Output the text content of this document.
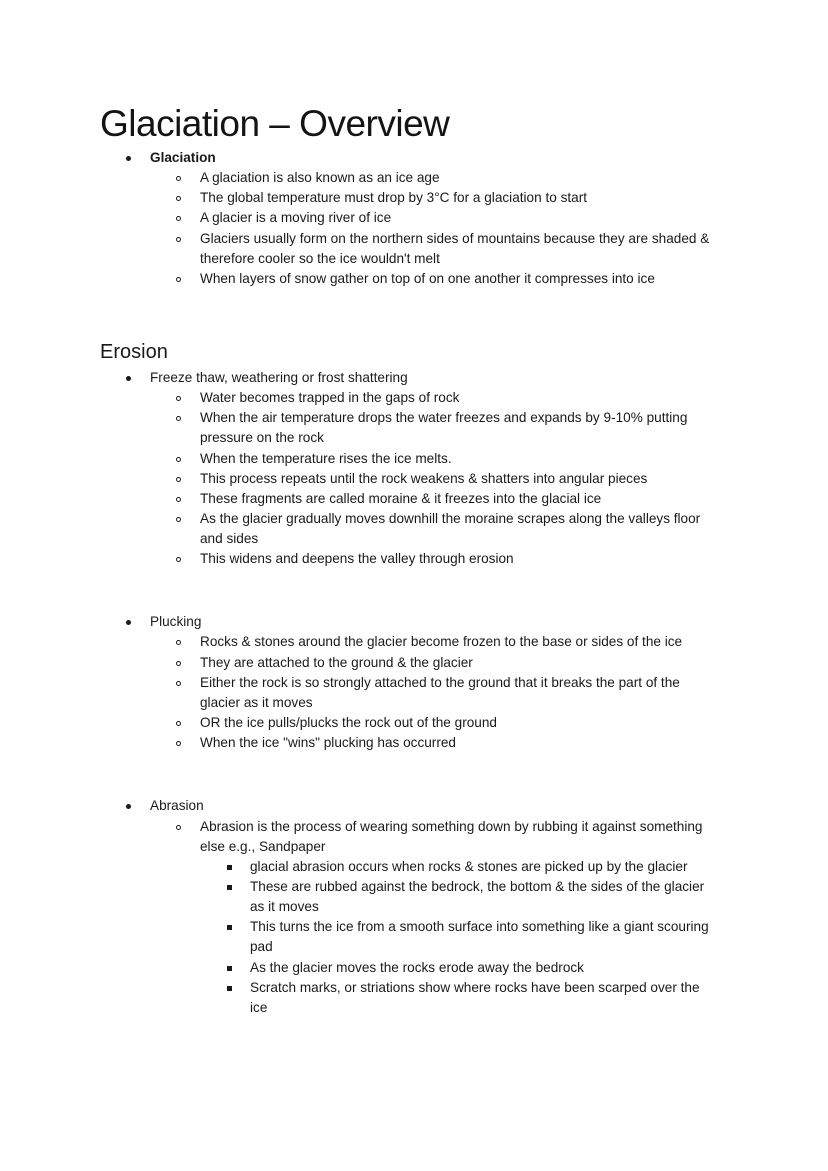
Glaciation – Overview
Glaciation
A glaciation is also known as an ice age
The global temperature must drop by 3°C for a glaciation to start
A glacier is a moving river of ice
Glaciers usually form on the northern sides of mountains because they are shaded &
therefore cooler so the ice wouldn't melt
When layers of snow gather on top of on one another it compresses into ice
Erosion
Freeze thaw, weathering or frost shattering
Water becomes trapped in the gaps of rock
When the air temperature drops the water freezes and expands by 9-10% putting
pressure on the rock
When the temperature rises the ice melts.
This process repeats until the rock weakens & shatters into angular pieces
These fragments are called moraine & it freezes into the glacial ice
As the glacier gradually moves downhill the moraine scrapes along the valleys floor
and sides
This widens and deepens the valley through erosion
Plucking
Rocks & stones around the glacier become frozen to the base or sides of the ice
They are attached to the ground & the glacier
Either the rock is so strongly attached to the ground that it breaks the part of the
glacier as it moves
OR the ice pulls/plucks the rock out of the ground
When the ice "wins" plucking has occurred
Abrasion
Abrasion is the process of wearing something down by rubbing it against something
else e.g., Sandpaper
glacial abrasion occurs when rocks & stones are picked up by the glacier
These are rubbed against the bedrock, the bottom & the sides of the glacier
as it moves
This turns the ice from a smooth surface into something like a giant scouring
pad
As the glacier moves the rocks erode away the bedrock
Scratch marks, or striations show where rocks have been scarped over the
ice
